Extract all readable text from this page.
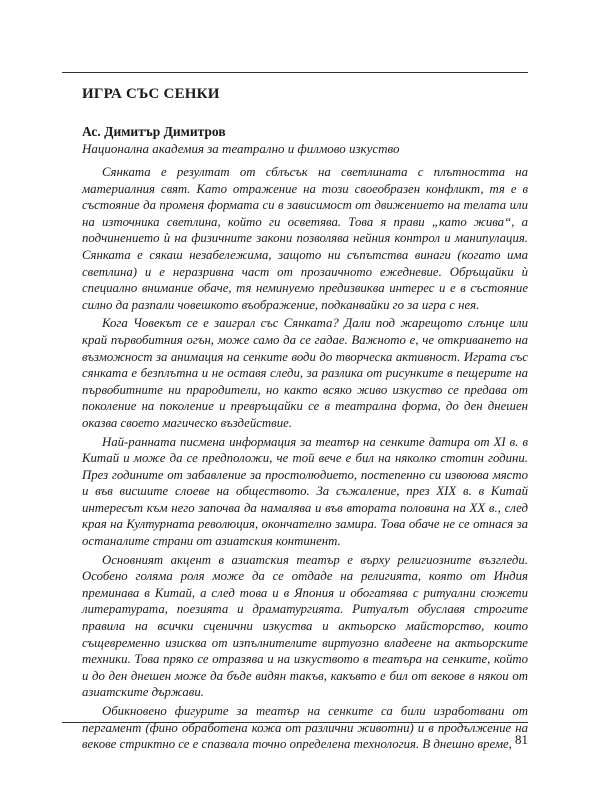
ИГРА СЪС СЕНКИ
Ас. Димитър Димитров
Национална академия за театрално и филмово изкуство

Сянката е резултат от сблъсък на светлината с плътността на материалния свят. Като отражение на този своеобразен конфликт, тя е в състояние да променя формата си в зависимост от движението на телата или на източника светлина, който ги осветява. Това я прави „като жива“, а подчинението ѝ на физичните закони позволява нейния контрол и манипулация. Сянката е сякаш незабележима, защото ни съпътства винаги (когато има светлина) и е неразривна част от прозаичното ежедневие. Обръщайки ѝ специално внимание обаче, тя неминуемо предизвиква интерес и е в състояние силно да разпали човешкото въображение, подканвайки го за игра с нея.

Кога Човекът се е заиграл със Сянката? Дали под жарещото слънце или край първобитния огън, може само да се гадае. Важното е, че откриването на възможност за анимация на сенките води до творческа активност. Играта със сянката е безплътна и не оставя следи, за разлика от рисунките в пещерите на първобитните ни прародители, но както всяко живо изкуство се предава от поколение на поколение и превръщайки се в театрална форма, до ден днешен оказва своето магическо въздействие.

Най-ранната писмена информация за театър на сенките датира от XI в. в Китай и може да се предположи, че той вече е бил на няколко стотин години. През годините от забавление за простолюдието, постепенно си извоюва място и във висшите слоеве на обществото. За съжаление, през XIX в. в Китай интересът към него започва да намалява и във втората половина на XX в., след края на Културната революция, окончателно замира. Това обаче не се отнася за останалите страни от азиатския континент.

Основният акцент в азиатския театър е върху религиозните възгледи. Особено голяма роля може да се отдаде на религията, която от Индия преминава в Китай, а след това и в Япония и обогатява с ритуални сюжети литературата, поезията и драматургията. Ритуалът обуславя строгите правила на всички сценични изкуства и актьорско майсторство, които същевременно изисква от изпълнителите виртуозно владеене на актьорските техники. Това пряко се отразява и на изкуството в театъра на сенките, който и до ден днешен може да бъде видян такъв, какъвто е бил от векове в някои от азиатските държави.

Обикновено фигурите за театър на сенките са били изработвани от пергамент (фино обработена кожа от различни животни) и в продължение на векове стриктно се е спазвала точно определена технология. В днешно време, 81
